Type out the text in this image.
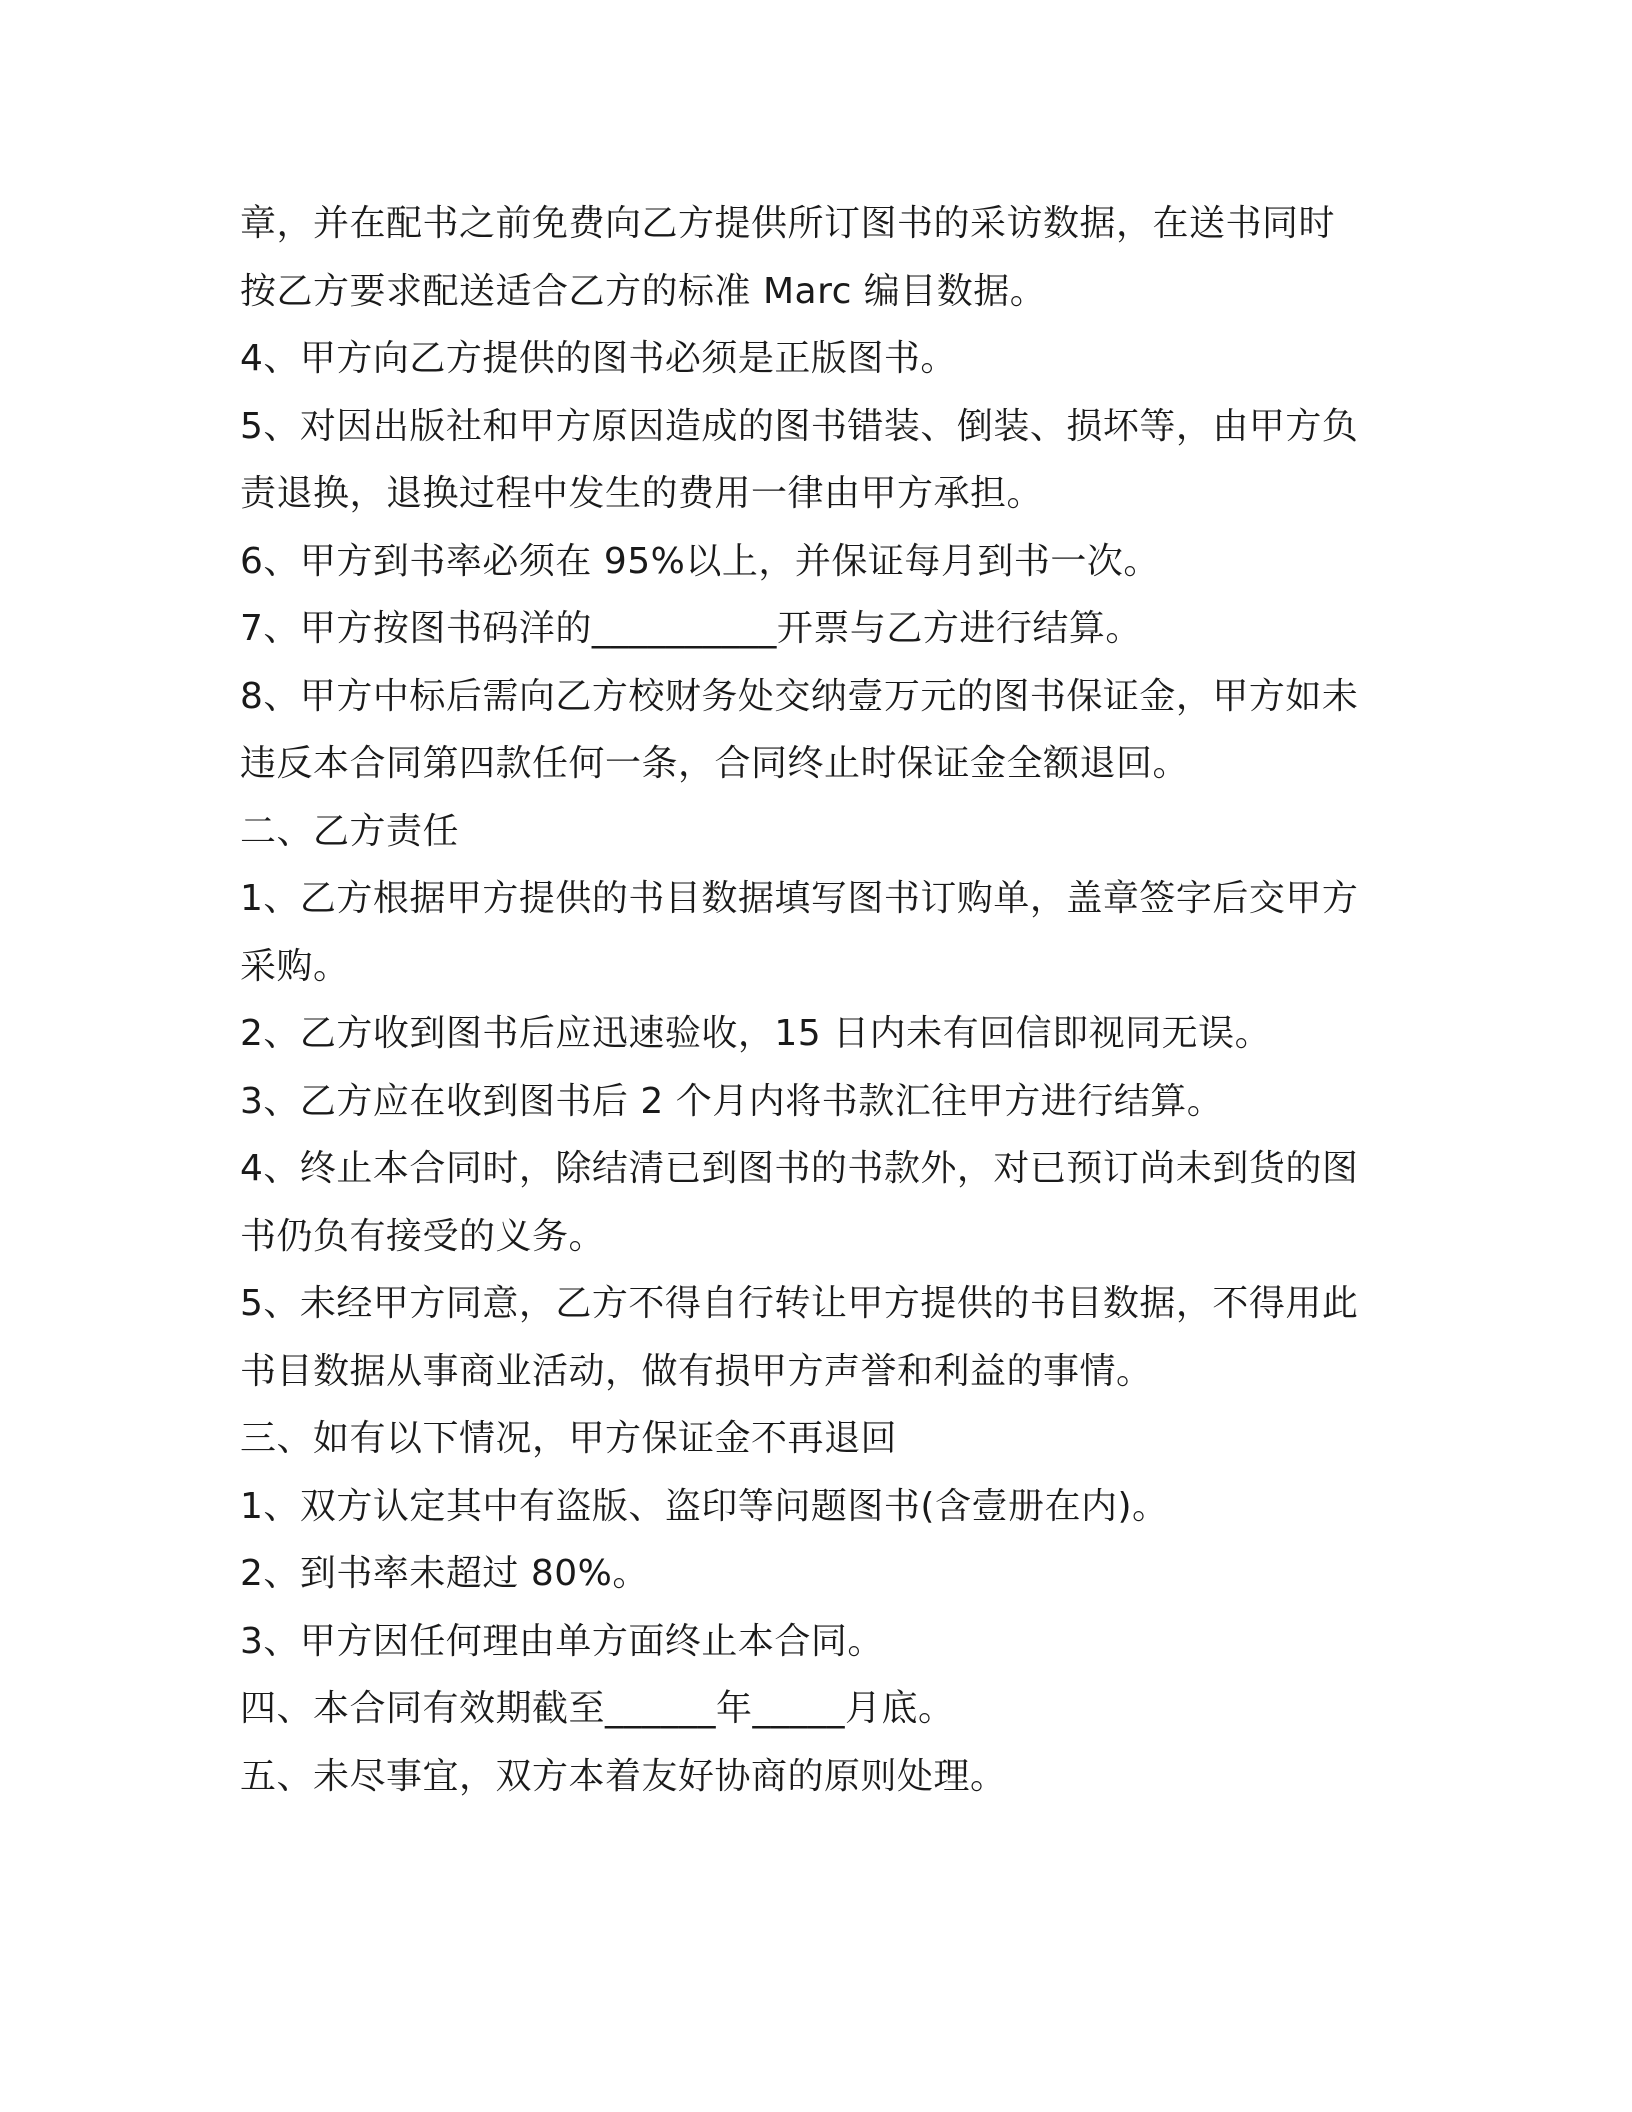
章，并在配书之前免费向乙方提供所订图书的采访数据，在送书同时
按乙方要求配送适合乙方的标准 Marc 编目数据。
4、甲方向乙方提供的图书必须是正版图书。
5、对因出版社和甲方原因造成的图书错装、倒装、损坏等，由甲方负
责退换，退换过程中发生的费用一律由甲方承担。
6、甲方到书率必须在 95%以上，并保证每月到书一次。
7、甲方按图书码洋的__________开票与乙方进行结算。
8、甲方中标后需向乙方校财务处交纳壹万元的图书保证金，甲方如未
违反本合同第四款任何一条，合同终止时保证金全额退回。
二、乙方责任
1、乙方根据甲方提供的书目数据填写图书订购单，盖章签字后交甲方
采购。
2、乙方收到图书后应迅速验收，15 日内未有回信即视同无误。
3、乙方应在收到图书后 2 个月内将书款汇往甲方进行结算。
4、终止本合同时，除结清已到图书的书款外，对已预订尚未到货的图
书仍负有接受的义务。
5、未经甲方同意，乙方不得自行转让甲方提供的书目数据，不得用此
书目数据从事商业活动，做有损甲方声誉和利益的事情。
三、如有以下情况，甲方保证金不再退回
1、双方认定其中有盗版、盗印等问题图书(含壹册在内)。
2、到书率未超过 80%。
3、甲方因任何理由单方面终止本合同。
四、本合同有效期截至______年_____月底。
五、未尽事宜，双方本着友好协商的原则处理。
